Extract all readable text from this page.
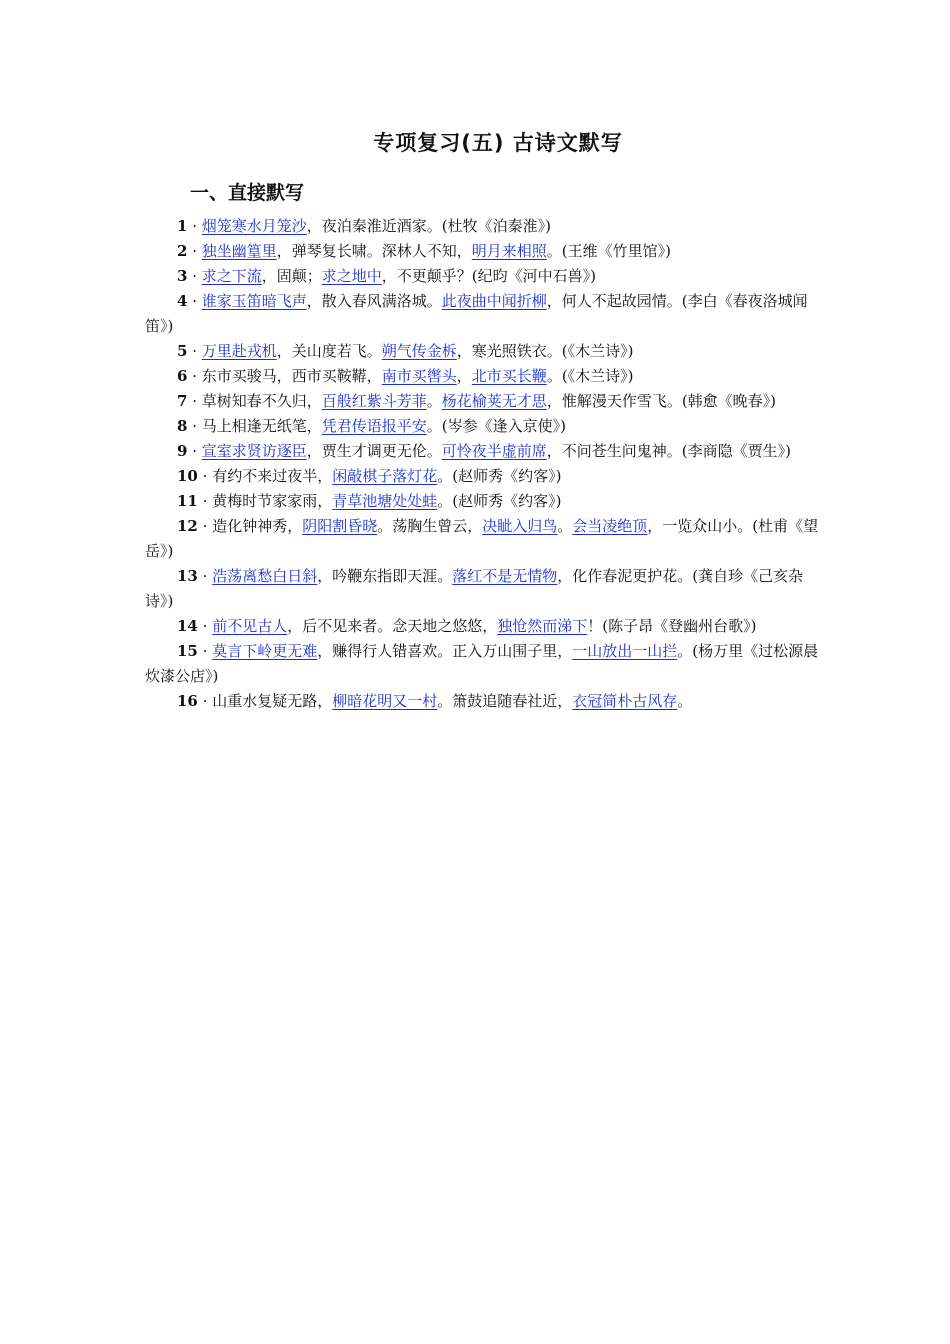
专项复习(五) 古诗文默写
一、直接默写

1 · 烟笼寒水月笼沙，夜泊秦淮近酒家。(杜牧《泊秦淮》)

2 · 独坐幽篁里，弹琴复长啸。深林人不知，明月来相照。(王维《竹里馆》)

3 · 求之下流，固颠；求之地中，不更颠乎？(纪昀《河中石兽》)

4 · 谁家玉笛暗飞声，散入春风满洛城。此夜曲中闻折柳，何人不起故园情。(李白《春夜洛城闻笛》)

5 · 万里赴戎机，关山度若飞。朔气传金柝，寒光照铁衣。(《木兰诗》)

6 · 东市买骏马，西市买鞍鞯，南市买辔头，北市买长鞭。(《木兰诗》)

7 · 草树知春不久归，百般红紫斗芳菲。杨花榆荚无才思，惟解漫天作雪飞。(韩愈《晚春》)

8 · 马上相逢无纸笔，凭君传语报平安。(岑参《逢入京使》)

9 · 宣室求贤访逐臣，贾生才调更无伦。可怜夜半虚前席，不问苍生问鬼神。(李商隐《贾生》)

10 · 有约不来过夜半，闲敲棋子落灯花。(赵师秀《约客》)

11 · 黄梅时节家家雨，青草池塘处处蛙。(赵师秀《约客》)

12 · 造化钟神秀，阴阳割昏晓。荡胸生曾云，决眦入归鸟。会当凌绝顶，一览众山小。(杜甫《望岳》)

13 · 浩荡离愁白日斜，吟鞭东指即天涯。落红不是无情物，化作春泥更护花。(龚自珍《己亥杂诗》)

14 · 前不见古人，后不见来者。念天地之悠悠，独怆然而涕下！(陈子昂《登幽州台歌》)

15 · 莫言下岭更无难，赚得行人错喜欢。正入万山围子里，一山放出一山拦。(杨万里《过松源晨炊漆公店》)

16 · 山重水复疑无路，柳暗花明又一村。箫鼓追随春社近，衣冠简朴古风存。
